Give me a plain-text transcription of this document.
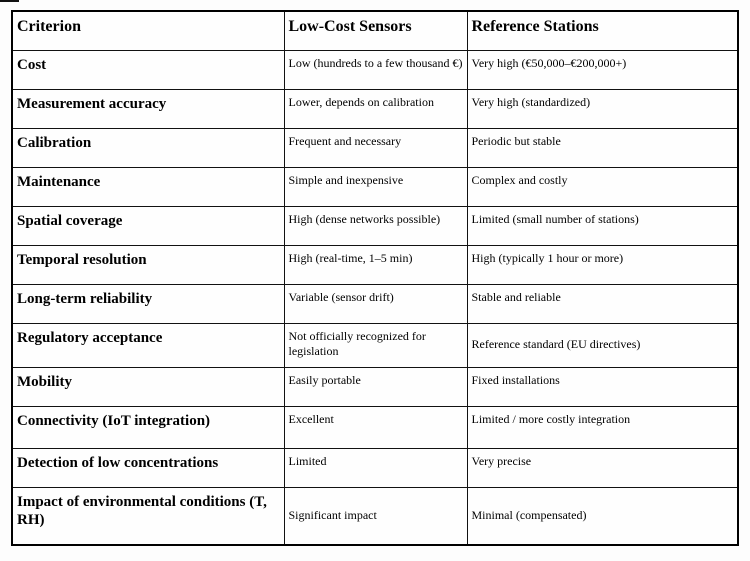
Criterion	Low-Cost Sensors	Reference Stations
Cost	Low (hundreds to a few thousand €)	Very high (€50,000–€200,000+)
Measurement accuracy	Lower, depends on calibration	Very high (standardized)
Calibration	Frequent and necessary	Periodic but stable
Maintenance	Simple and inexpensive	Complex and costly
Spatial coverage	High (dense networks possible)	Limited (small number of stations)
Temporal resolution	High (real-time, 1–5 min)	High (typically 1 hour or more)
Long-term reliability	Variable (sensor drift)	Stable and reliable
Regulatory acceptance	Not officially recognized for legislation	Reference standard (EU directives)
Mobility	Easily portable	Fixed installations
Connectivity (IoT integration)	Excellent	Limited / more costly integration
Detection of low concentrations	Limited	Very precise
Impact of environmental conditions (T, RH)	Significant impact	Minimal (compensated)
